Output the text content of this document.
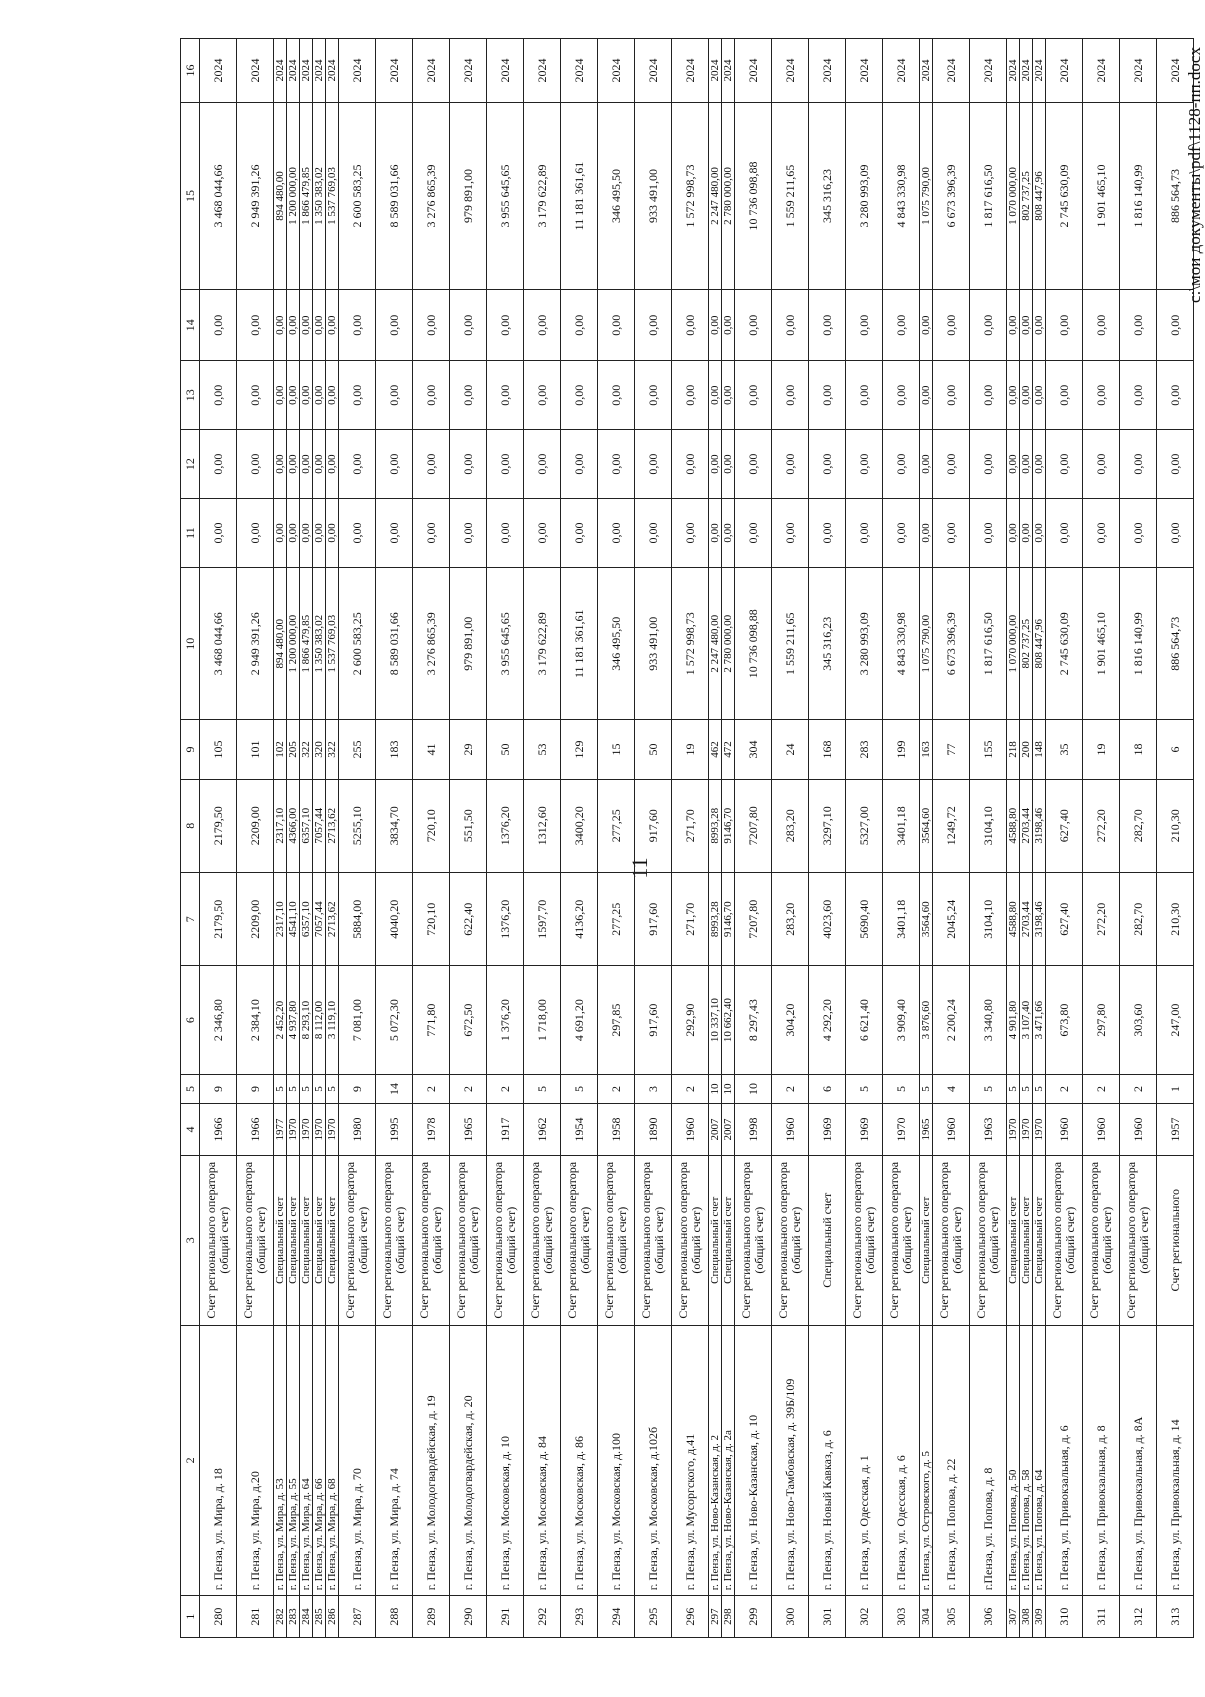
11
1	2	3	4	5	6	7	8	9	10	11	12	13	14	15	16
280	г. Пенза, ул. Мира, д. 18	Счет регионального оператора (общий счет)	1966	9	2 346,80	2179,50	2179,50	105	3 468 044,66	0,00	0,00	0,00	0,00	3 468 044,66	2024
281	г. Пенза, ул. Мира, д.20	Счет регионального оператора (общий счет)	1966	9	2 384,10	2209,00	2209,00	101	2 949 391,26	0,00	0,00	0,00	0,00	2 949 391,26	2024
282	г. Пенза, ул. Мира, д. 53	Специальный счет	1977	5	2 452,20	2317,10	2317,10	102	894 480,00	0,00	0,00	0,00	0,00	894 480,00	2024
283	г. Пенза, ул. Мира, д. 55	Специальный счет	1970	5	4 937,80	4541,10	4366,00	205	1 200 000,00	0,00	0,00	0,00	0,00	1 200 000,00	2024
284	г. Пенза, ул. Мира, д. 64	Специальный счет	1970	5	8 293,10	6357,10	6357,10	322	1 866 479,85	0,00	0,00	0,00	0,00	1 866 479,85	2024
285	г. Пенза, ул. Мира, д. 66	Специальный счет	1970	5	8 112,00	7057,44	7057,44	320	1 350 383,02	0,00	0,00	0,00	0,00	1 350 383,02	2024
286	г. Пенза, ул. Мира, д. 68	Специальный счет	1970	5	3 119,10	2713,62	2713,62	322	1 537 769,03	0,00	0,00	0,00	0,00	1 537 769,03	2024
287	г. Пенза, ул. Мира, д. 70	Счет регионального оператора (общий счет)	1980	9	7 081,00	5884,00	5255,10	255	2 600 583,25	0,00	0,00	0,00	0,00	2 600 583,25	2024
288	г. Пенза, ул. Мира, д. 74	Счет регионального оператора (общий счет)	1995	14	5 072,30	4040,20	3834,70	183	8 589 031,66	0,00	0,00	0,00	0,00	8 589 031,66	2024
289	г. Пенза, ул. Молодогвардейская, д. 19	Счет регионального оператора (общий счет)	1978	2	771,80	720,10	720,10	41	3 276 865,39	0,00	0,00	0,00	0,00	3 276 865,39	2024
290	г. Пенза, ул. Молодогвардейская, д. 20	Счет регионального оператора (общий счет)	1965	2	672,50	622,40	551,50	29	979 891,00	0,00	0,00	0,00	0,00	979 891,00	2024
291	г. Пенза, ул. Московская, д. 10	Счет регионального оператора (общий счет)	1917	2	1 376,20	1376,20	1376,20	50	3 955 645,65	0,00	0,00	0,00	0,00	3 955 645,65	2024
292	г. Пенза, ул. Московская, д. 84	Счет регионального оператора (общий счет)	1962	5	1 718,00	1597,70	1312,60	53	3 179 622,89	0,00	0,00	0,00	0,00	3 179 622,89	2024
293	г. Пенза, ул. Московская, д. 86	Счет регионального оператора (общий счет)	1954	5	4 691,20	4136,20	3400,20	129	11 181 361,61	0,00	0,00	0,00	0,00	11 181 361,61	2024
294	г. Пенза, ул. Московская, д.100	Счет регионального оператора (общий счет)	1958	2	297,85	277,25	277,25	15	346 495,50	0,00	0,00	0,00	0,00	346 495,50	2024
295	г. Пенза, ул. Московская, д.102б	Счет регионального оператора (общий счет)	1890	3	917,60	917,60	917,60	50	933 491,00	0,00	0,00	0,00	0,00	933 491,00	2024
296	г. Пенза, ул. Мусоргского, д.41	Счет регионального оператора (общий счет)	1960	2	292,90	271,70	271,70	19	1 572 998,73	0,00	0,00	0,00	0,00	1 572 998,73	2024
297	г. Пенза, ул. Ново-Казанская, д. 2	Специальный счет	2007	10	10 337,10	8993,28	8993,28	462	2 247 480,00	0,00	0,00	0,00	0,00	2 247 480,00	2024
298	г. Пенза, ул. Ново-Казанская, д. 2а	Специальный счет	2007	10	10 662,40	9146,70	9146,70	472	2 780 000,00	0,00	0,00	0,00	0,00	2 780 000,00	2024
299	г. Пенза, ул. Ново-Казанская, д. 10	Счет регионального оператора (общий счет)	1998	10	8 297,43	7207,80	7207,80	304	10 736 098,88	0,00	0,00	0,00	0,00	10 736 098,88	2024
300	г. Пенза, ул. Ново-Тамбовская, д. 39Б/109	Счет регионального оператора (общий счет)	1960	2	304,20	283,20	283,20	24	1 559 211,65	0,00	0,00	0,00	0,00	1 559 211,65	2024
301	г. Пенза, ул. Новый Кавказ, д. 6	Специальный счет	1969	6	4 292,20	4023,60	3297,10	168	345 316,23	0,00	0,00	0,00	0,00	345 316,23	2024
302	г. Пенза, ул. Одесская, д. 1	Счет регионального оператора (общий счет)	1969	5	6 621,40	5690,40	5327,00	283	3 280 993,09	0,00	0,00	0,00	0,00	3 280 993,09	2024
303	г. Пенза, ул. Одесская, д. 6	Счет регионального оператора (общий счет)	1970	5	3 909,40	3401,18	3401,18	199	4 843 330,98	0,00	0,00	0,00	0,00	4 843 330,98	2024
304	г. Пенза, ул. Островского, д. 5	Специальный счет	1965	5	3 876,60	3564,60	3564,60	163	1 075 790,00	0,00	0,00	0,00	0,00	1 075 790,00	2024
305	г. Пенза, ул. Попова, д. 22	Счет регионального оператора (общий счет)	1960	4	2 200,24	2045,24	1249,72	77	6 673 396,39	0,00	0,00	0,00	0,00	6 673 396,39	2024
306	г.Пенза, ул. Попова, д. 8	Счет регионального оператора (общий счет)	1963	5	3 340,80	3104,10	3104,10	155	1 817 616,50	0,00	0,00	0,00	0,00	1 817 616,50	2024
307	г. Пенза, ул. Попова, д. 50	Специальный счет	1970	5	4 901,80	4588,80	4588,80	218	1 070 000,00	0,00	0,00	0,00	0,00	1 070 000,00	2024
308	г. Пенза, ул. Попова, д. 58	Специальный счет	1970	5	3 107,40	2703,44	2703,44	200	802 737,25	0,00	0,00	0,00	0,00	802 737,25	2024
309	г. Пенза, ул. Попова, д. 64	Специальный счет	1970	5	3 471,66	3198,46	3198,46	148	808 447,96	0,00	0,00	0,00	0,00	808 447,96	2024
310	г. Пенза, ул. Привокзальная, д. 6	Счет регионального оператора (общий счет)	1960	2	673,80	627,40	627,40	35	2 745 630,09	0,00	0,00	0,00	0,00	2 745 630,09	2024
311	г. Пенза, ул. Привокзальная, д. 8	Счет регионального оператора (общий счет)	1960	2	297,80	272,20	272,20	19	1 901 465,10	0,00	0,00	0,00	0,00	1 901 465,10	2024
312	г. Пенза, ул. Привокзальная, д. 8А	Счет регионального оператора (общий счет)	1960	2	303,60	282,70	282,70	18	1 816 140,99	0,00	0,00	0,00	0,00	1 816 140,99	2024
313	г. Пенза, ул. Привокзальная, д. 14	Счет регионального	1957	1	247,00	210,30	210,30	6	886 564,73	0,00	0,00	0,00	0,00	886 564,73	2024 c:\мои документы\pdf\1128-пп.docx
